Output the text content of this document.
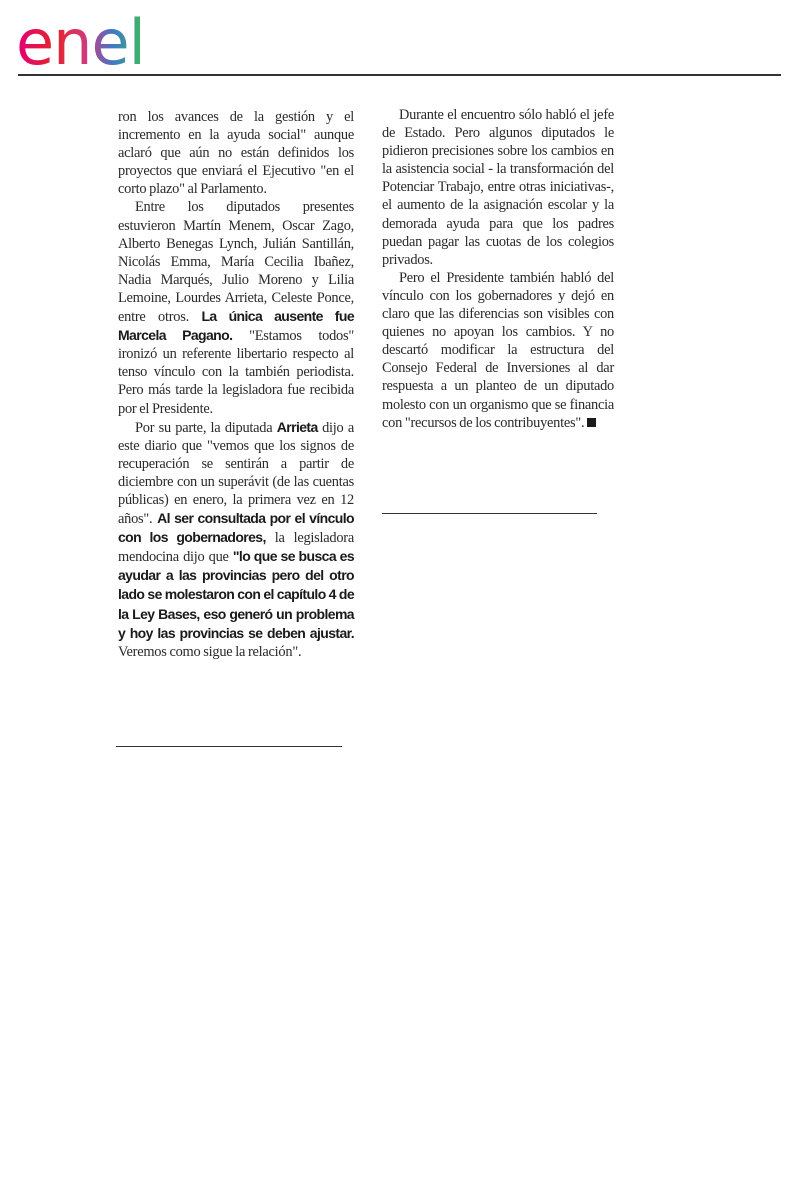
enel

ron los avances de la gestión y el incremento en la ayuda social" aunque aclaró que aún no están definidos los proyectos que enviará el Ejecutivo "en el corto plazo" al Parlamento.

Entre los diputados presentes estuvieron Martín Menem, Oscar Zago, Alberto Benegas Lynch, Julián Santillán, Nicolás Emma, María Cecilia Ibañez, Nadia Marqués, Julio Moreno y Lilia Lemoine, Lourdes Arrieta, Celeste Ponce, entre otros. La única ausente fue Marcela Pagano. "Estamos todos" ironizó un referente libertario respecto al tenso vínculo con la también periodista. Pero más tarde la legisladora fue recibida por el Presidente.

Por su parte, la diputada Arrieta dijo a este diario que "vemos que los signos de recuperación se sentirán a partir de diciembre con un superávit (de las cuentas públicas) en enero, la primera vez en 12 años". Al ser consultada por el vínculo con los gobernadores, la legisladora mendocina dijo que "lo que se busca es ayudar a las provincias pero del otro lado se molestaron con el capítulo 4 de la Ley Bases, eso generó un problema y hoy las provincias se deben ajustar. Veremos como sigue la relación".

Durante el encuentro sólo habló el jefe de Estado. Pero algunos diputados le pidieron precisiones sobre los cambios en la asistencia social - la transformación del Potenciar Trabajo, entre otras iniciativas-, el aumento de la asignación escolar y la demorada ayuda para que los padres puedan pagar las cuotas de los colegios privados.

Pero el Presidente también habló del vínculo con los gobernadores y dejó en claro que las diferencias son visibles con quienes no apoyan los cambios. Y no descartó modificar la estructura del Consejo Federal de Inversiones al dar respuesta a un planteo de un diputado molesto con un organismo que se financia con "recursos de los contribuyentes".
